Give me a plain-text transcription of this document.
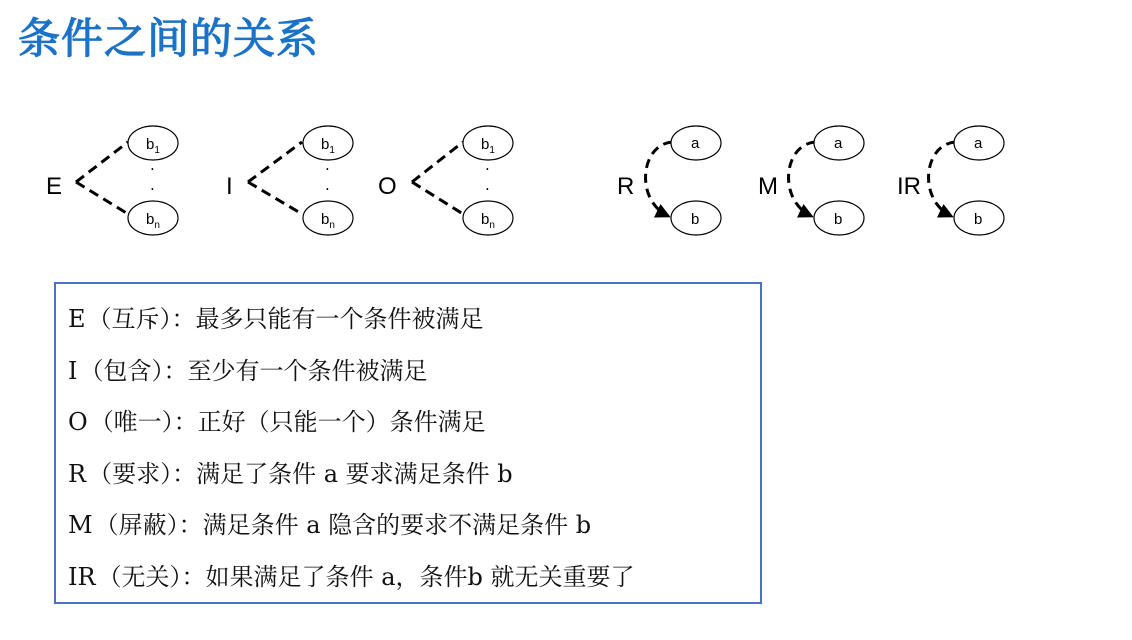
条件之间的关系
E
$b_1$
.
.
$b_n$
I
$b_1$
.
.
$b_n$
O
$b_1$
.
.
$b_n$
R
a
b
M
a
b
IR
a
b
E（互斥）：最多只能有一个条件被满足
I（包含）：至少有一个条件被满足
O（唯一）：正好（只能一个）条件满足
R（要求）：满足了条件 a 要求满足条件 b
M（屏蔽）：满足条件 a 隐含的要求不满足条件 b
IR（无关）：如果满足了条件 a，条件b 就无关重要了
